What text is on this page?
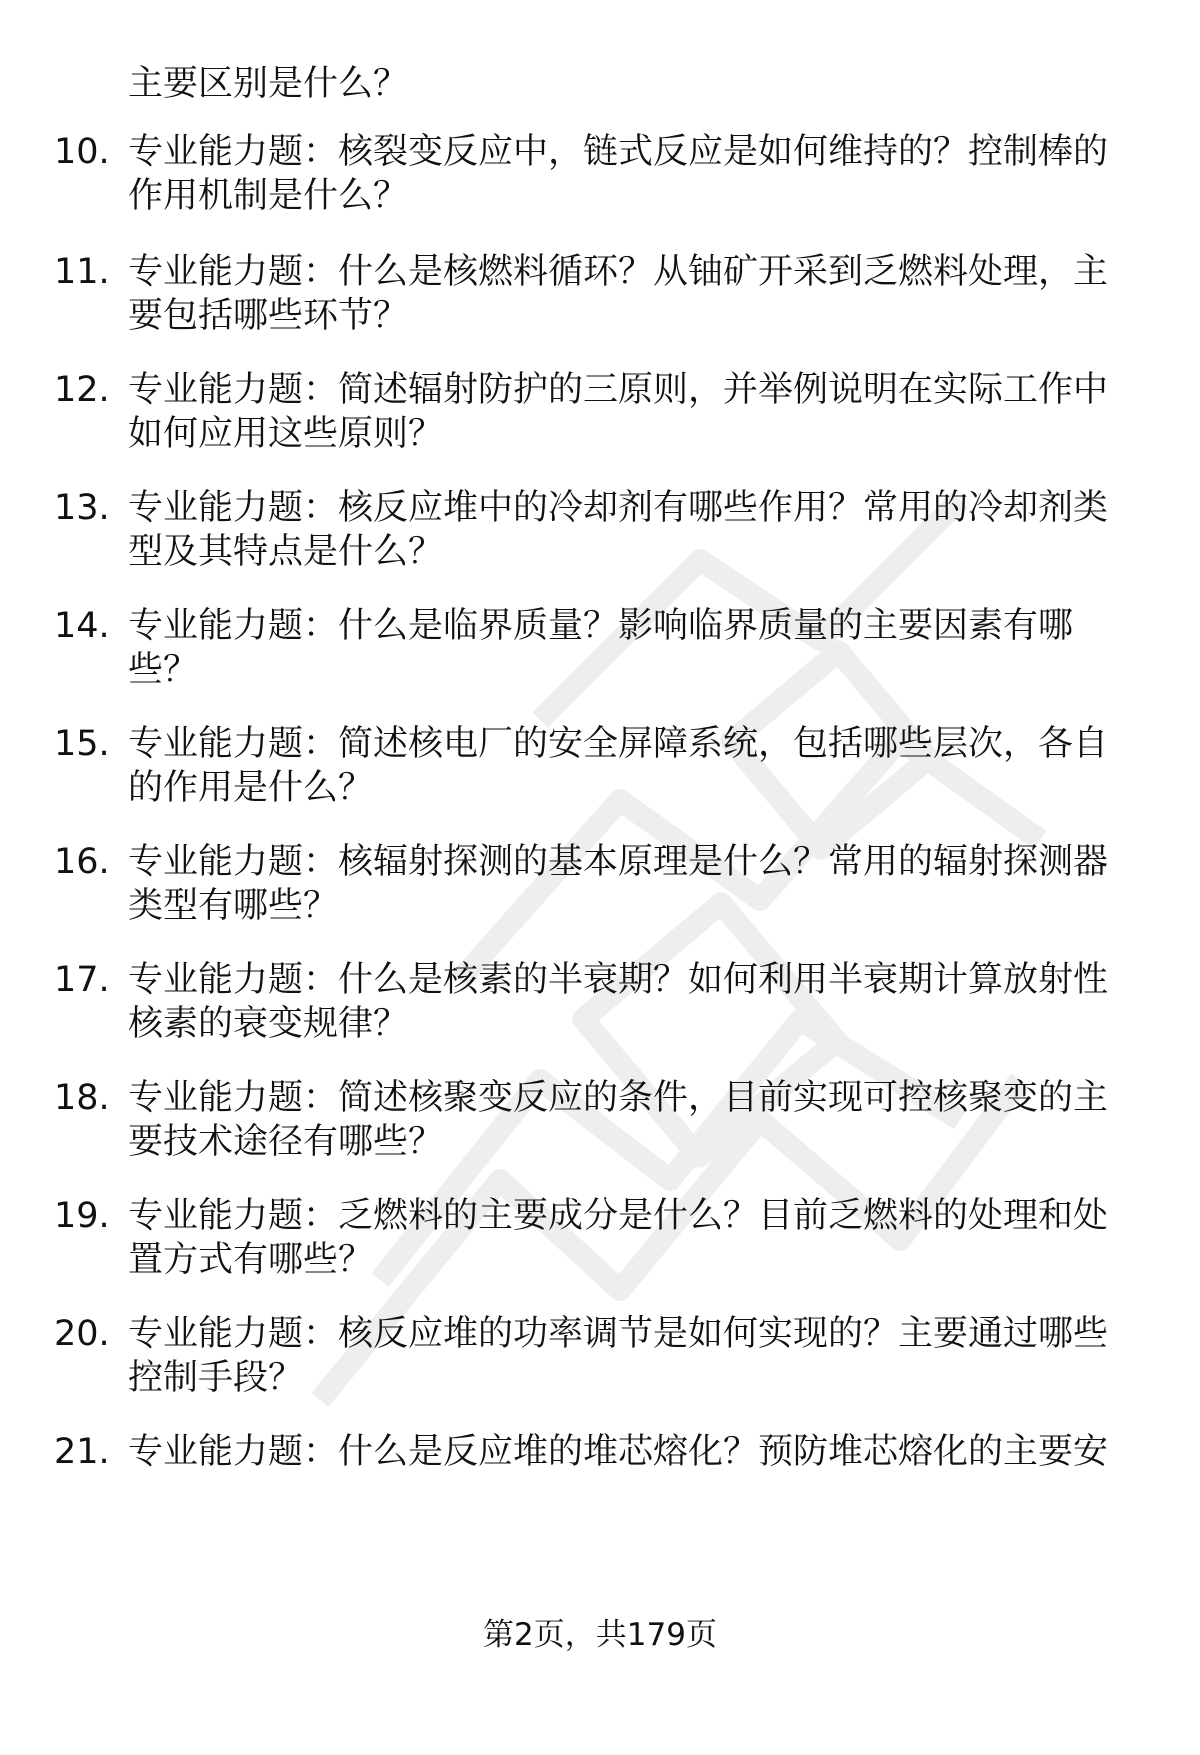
主要区别是什么？
10. 专业能力题：核裂变反应中，链式反应是如何维持的？控制棒的
作用机制是什么？
11. 专业能力题：什么是核燃料循环？从铀矿开采到乏燃料处理，主
要包括哪些环节？
12. 专业能力题：简述辐射防护的三原则，并举例说明在实际工作中
如何应用这些原则？
13. 专业能力题：核反应堆中的冷却剂有哪些作用？常用的冷却剂类
型及其特点是什么？
14. 专业能力题：什么是临界质量？影响临界质量的主要因素有哪
些？
15. 专业能力题：简述核电厂的安全屏障系统，包括哪些层次，各自
的作用是什么？
16. 专业能力题：核辐射探测的基本原理是什么？常用的辐射探测器
类型有哪些？
17. 专业能力题：什么是核素的半衰期？如何利用半衰期计算放射性
核素的衰变规律？
18. 专业能力题：简述核聚变反应的条件，目前实现可控核聚变的主
要技术途径有哪些？
19. 专业能力题：乏燃料的主要成分是什么？目前乏燃料的处理和处
置方式有哪些？
20. 专业能力题：核反应堆的功率调节是如何实现的？主要通过哪些
控制手段？
21. 专业能力题：什么是反应堆的堆芯熔化？预防堆芯熔化的主要安
第2页，共179页
